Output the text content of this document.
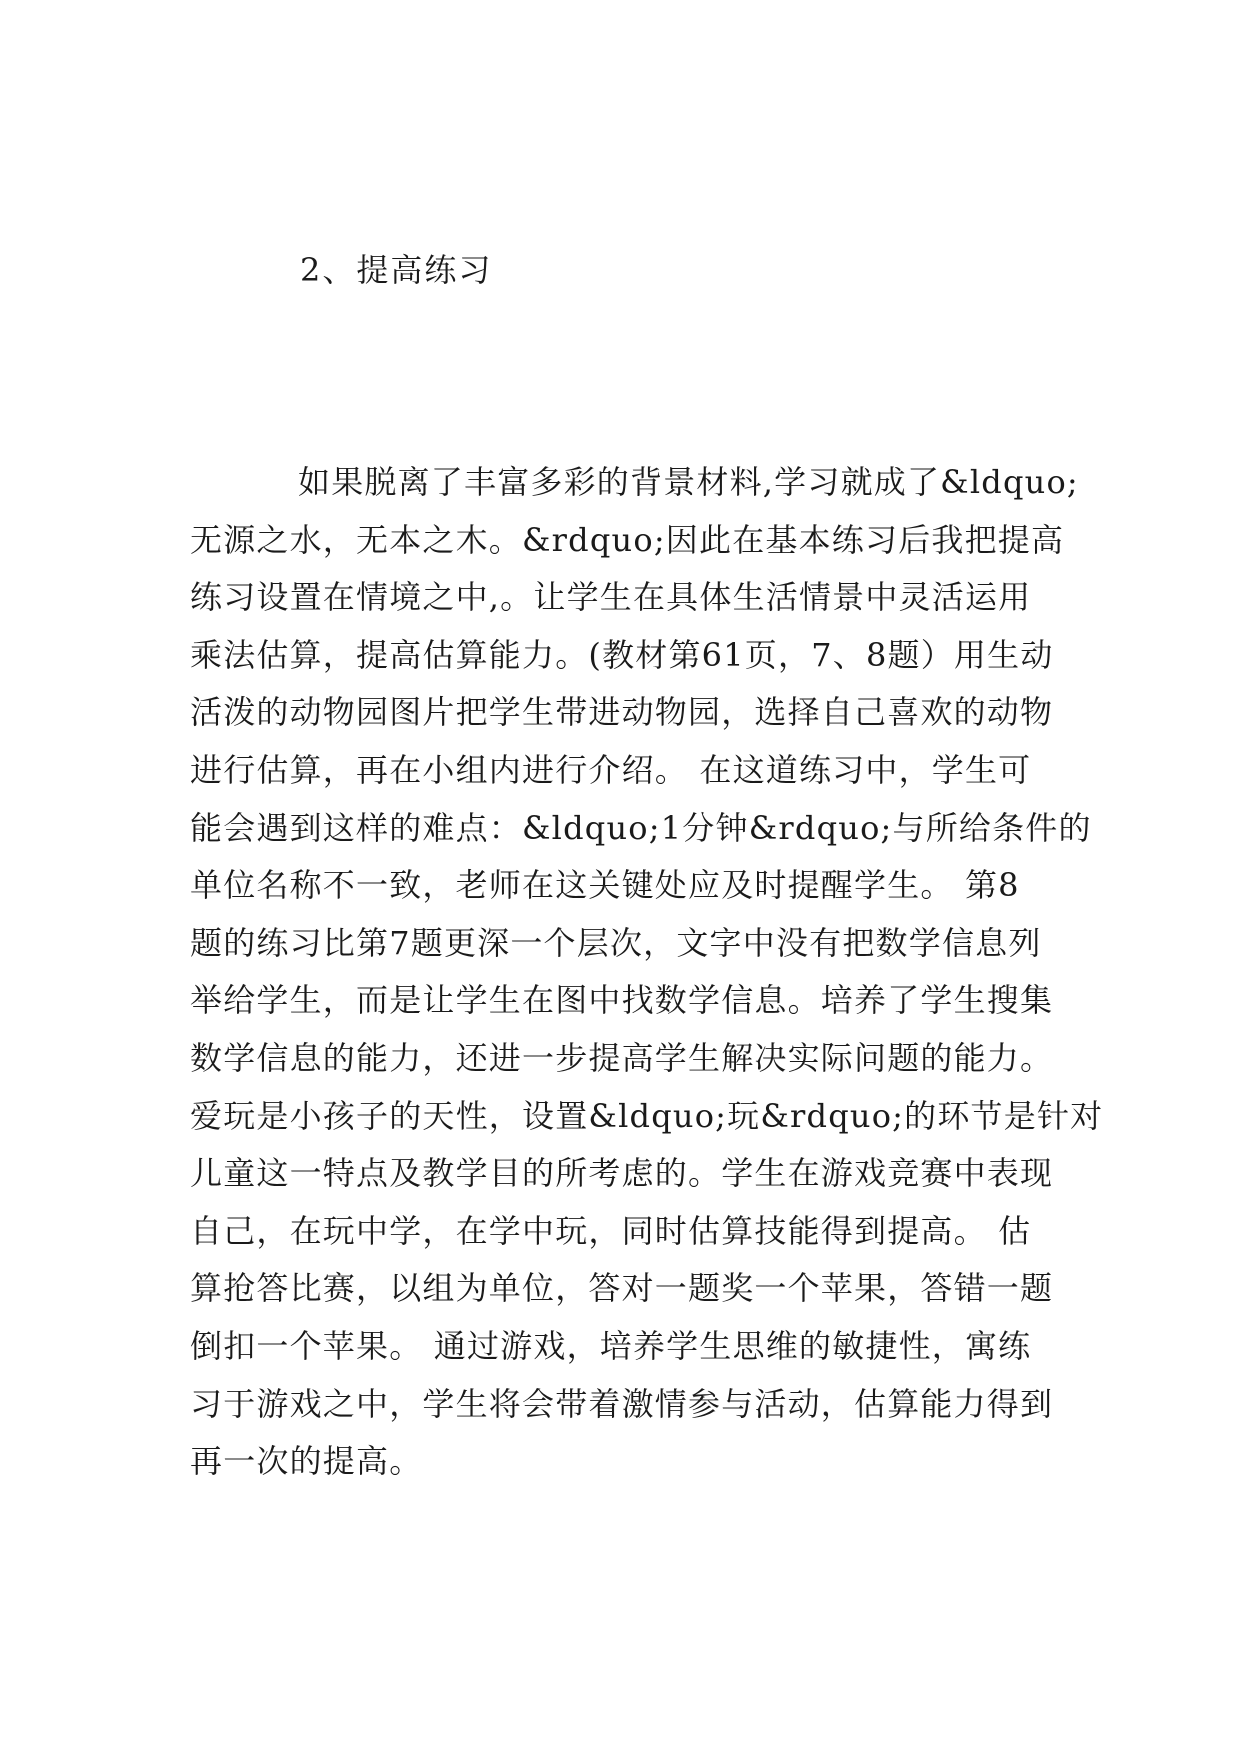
2、提高练习
如果脱离了丰富多彩的背景材料,学习就成了&ldquo;
无源之水，无本之木。&rdquo;因此在基本练习后我把提高
练习设置在情境之中,。让学生在具体生活情景中灵活运用
乘法估算，提高估算能力。(教材第61页，7、8题）用生动
活泼的动物园图片把学生带进动物园，选择自己喜欢的动物
进行估算，再在小组内进行介绍。 在这道练习中，学生可
能会遇到这样的难点：&ldquo;1分钟&rdquo;与所给条件的
单位名称不一致，老师在这关键处应及时提醒学生。 第8
题的练习比第7题更深一个层次，文字中没有把数学信息列
举给学生，而是让学生在图中找数学信息。培养了学生搜集
数学信息的能力，还进一步提高学生解决实际问题的能力。
爱玩是小孩子的天性，设置&ldquo;玩&rdquo;的环节是针对
儿童这一特点及教学目的所考虑的。学生在游戏竞赛中表现
自己，在玩中学，在学中玩，同时估算技能得到提高。 估
算抢答比赛，以组为单位，答对一题奖一个苹果，答错一题
倒扣一个苹果。 通过游戏，培养学生思维的敏捷性，寓练
习于游戏之中，学生将会带着激情参与活动，估算能力得到
再一次的提高。
